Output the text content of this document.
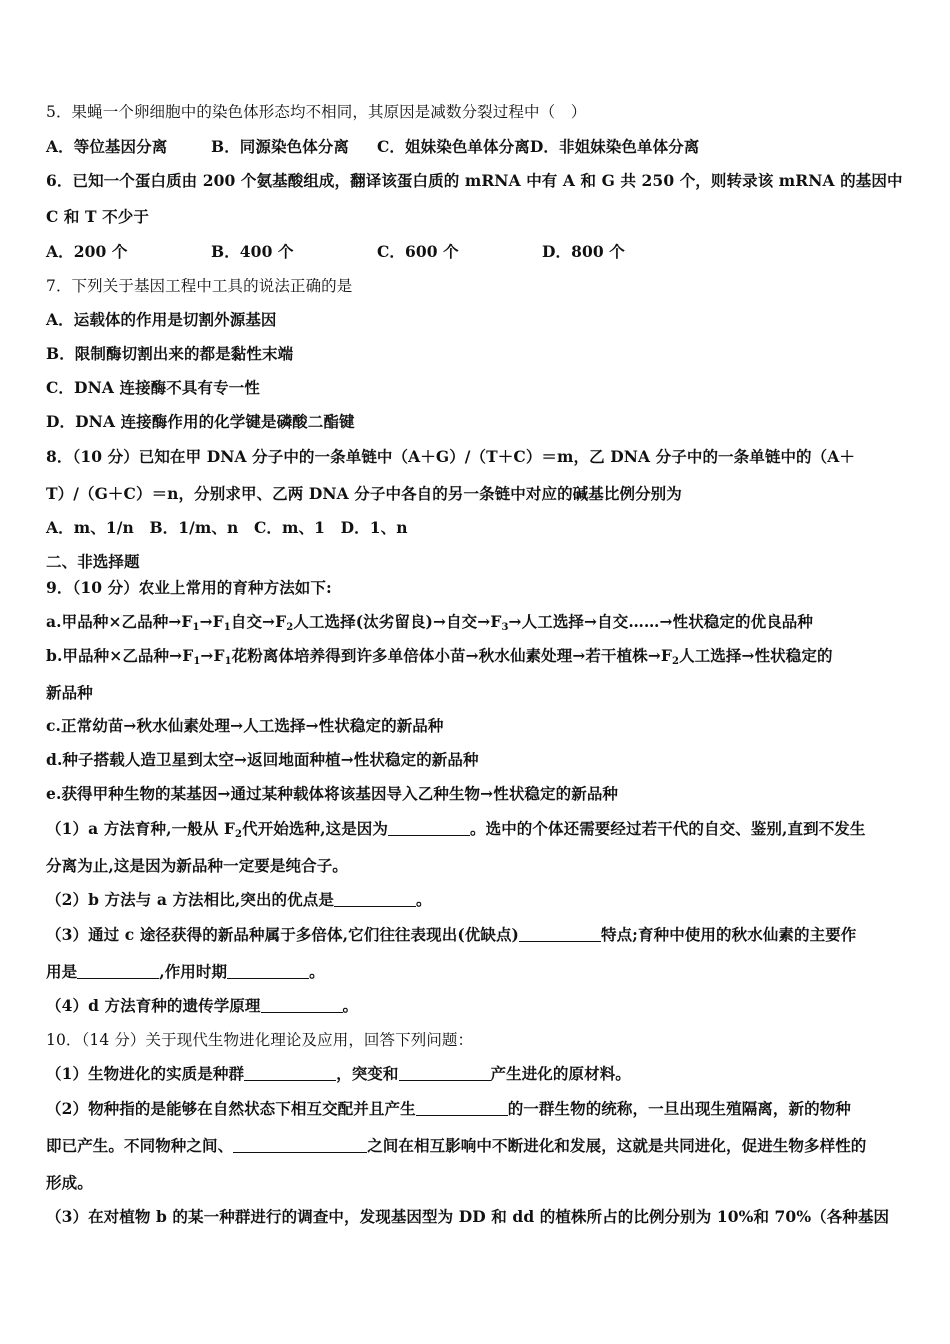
5．果蝇一个卵细胞中的染色体形态均不相同，其原因是减数分裂过程中（　）
A．等位基因分离	B．同源染色体分离 C．姐妹染色单体分离D．非姐妹染色单体分离
6．已知一个蛋白质由 200 个氨基酸组成，翻译该蛋白质的 mRNA 中有 A 和 G 共 250 个，则转录该 mRNA 的基因中
C 和 T 不少于
A．200 个	B．400 个	C．600 个	D．800 个
7．下列关于基因工程中工具的说法正确的是
A．运载体的作用是切割外源基因
B．限制酶切割出来的都是黏性末端
C．DNA 连接酶不具有专一性
D．DNA 连接酶作用的化学键是磷酸二酯键
8．（10 分）已知在甲 DNA 分子中的一条单链中（A＋G）/（T＋C）＝m，乙 DNA 分子中的一条单链中的（A＋
T）/（G＋C）＝n，分别求甲、乙两 DNA 分子中各自的另一条链中对应的碱基比例分别为
A．m、1/n　B．1/m、n　C．m、1　D．1、n
二、非选择题
9．（10 分）农业上常用的育种方法如下:
a.甲品种×乙品种$\to F_1\to F_1$自交$\to F_2$人工选择(汰劣留良)→自交$\to F_3\to$人工选择→自交……→性状稳定的优良品种
b.甲品种×乙品种$\to F_1\to F_1$花粉离体培养得到许多单倍体小苗→秋水仙素处理→若干植株$\to F_2$人工选择→性状稳定的
新品种
c.正常幼苗→秋水仙素处理→人工选择→性状稳定的新品种
d.种子搭载人造卫星到太空→返回地面种植→性状稳定的新品种
e.获得甲种生物的某基因→通过某种载体将该基因导入乙种生物→性状稳定的新品种
（1）a 方法育种,一般从 $F_2$代开始选种,这是因为	。选中的个体还需要经过若干代的自交、鉴别,直到不发生
分离为止,这是因为新品种一定要是纯合子。
（2）b 方法与 a 方法相比,突出的优点是	。
（3）通过 c 途径获得的新品种属于多倍体,它们往往表现出(优缺点)	特点;育种中使用的秋水仙素的主要作
用是	,作用时期	。
（4）d 方法育种的遗传学原理	。
10．（14 分）关于现代生物进化理论及应用，回答下列问题：
（1）生物进化的实质是种群	，突变和	产生进化的原材料。
（2）物种指的是能够在自然状态下相互交配并且产生	的一群生物的统称，一旦出现生殖隔离，新的物种
即已产生。不同物种之间、	之间在相互影响中不断进化和发展，这就是共同进化，促进生物多样性的
形成。
（3）在对植物 b 的某一种群进行的调查中，发现基因型为 DD 和 dd 的植株所占的比例分别为 10%和 70%（各种基因
